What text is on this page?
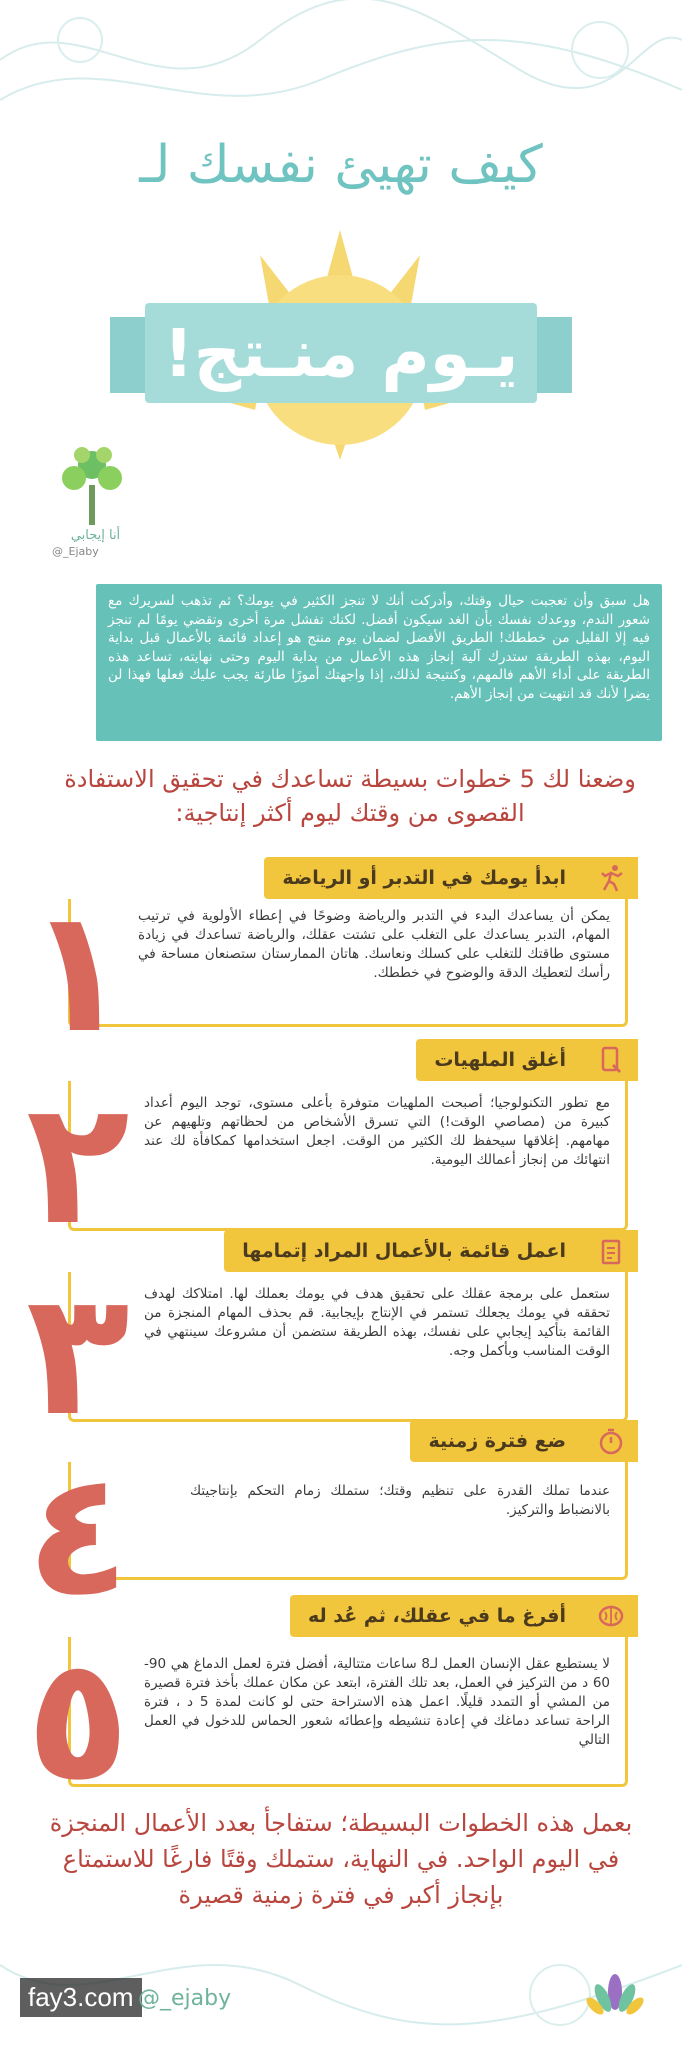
كيف تهيئ نفسك لـ
يـوم منـتج!
أنا إيجابي
@_Ejaby
هل سبق وأن تعجبت حيال وقتك، وأدركت أنك لا تنجز الكثير في يومك؟ ثم تذهب لسريرك مع شعور الندم، ووعدك نفسك بأن الغد سيكون أفضل. لكنك تفشل مرة أخرى وتقضي يومًا لم تنجز فيه إلا القليل من خططك! الطريق الأفضل لضمان يوم منتج هو إعداد قائمة بالأعمال قبل بداية اليوم، بهذه الطريقة ستدرك آلية إنجاز هذه الأعمال من بداية اليوم وحتى نهايته، تساعد هذه الطريقة على أداء الأهم فالمهم، وكنتيجة لذلك، إذا واجهتك أمورًا طارئة يجب عليك فعلها فهذا لن يضرا لأنك قد انتهيت من إنجاز الأهم.
وضعنا لك 5 خطوات بسيطة تساعدك في تحقيق الاستفادة القصوى من وقتك ليوم أكثر إنتاجية:
ابدأ يومك في التدبر أو الرياضة
١ يمكن أن يساعدك البدء في التدبر والرياضة وضوحًا في إعطاء الأولوية في ترتيب المهام، التدبر يساعدك على التغلب على تشتت عقلك، والرياضة تساعدك في زيادة مستوى طاقتك للتغلب على كسلك ونعاسك. هاتان الممارستان ستصنعان مساحة في رأسك لتعطيك الدقة والوضوح في خططك.
أغلق الملهيات
٢ مع تطور التكنولوجيا؛ أصبحت الملهيات متوفرة بأعلى مستوى، توجد اليوم أعداد كبيرة من (مصاصي الوقت!) التي تسرق الأشخاص من لحظاتهم وتلهيهم عن مهامهم. إغلاقها سيحفظ لك الكثير من الوقت. اجعل استخدامها كمكافأة لك عند انتهائك من إنجاز أعمالك اليومية.
اعمل قائمة بالأعمال المراد إتمامها
٣ ستعمل على برمجة عقلك على تحقيق هدف في يومك بعملك لها. امتلاكك لهدف تحققه في يومك يجعلك تستمر في الإنتاج بإيجابية. قم بحذف المهام المنجزة من القائمة بتأكيد إيجابي على نفسك، بهذه الطريقة ستضمن أن مشروعك سينتهي في الوقت المناسب وبأكمل وجه.
ضع فترة زمنية
٤	عندما تملك القدرة على تنظيم وقتك؛ ستملك زمام التحكم بإنتاجيتك بالانضباط والتركيز.
أفرغ ما في عقلك، ثم عُد له
٥ لا يستطيع عقل الإنسان العمل لـ8 ساعات متتالية، أفضل فترة لعمل الدماغ هي 90-60 د من التركيز في العمل، بعد تلك الفترة، ابتعد عن مكان عملك بأخذ فترة قصيرة من المشي أو التمدد قليلًا. اعمل هذه الاستراحة حتى لو كانت لمدة 5 د ، فترة الراحة تساعد دماغك في إعادة تنشيطه وإعطائه شعور الحماس للدخول في العمل التالي
بعمل هذه الخطوات البسيطة؛ ستفاجأ بعدد الأعمال المنجزة في اليوم الواحد. في النهاية، ستملك وقتًا فارغًا للاستمتاع بإنجاز أكبر في فترة زمنية قصيرة
fay3.com @_ejaby
